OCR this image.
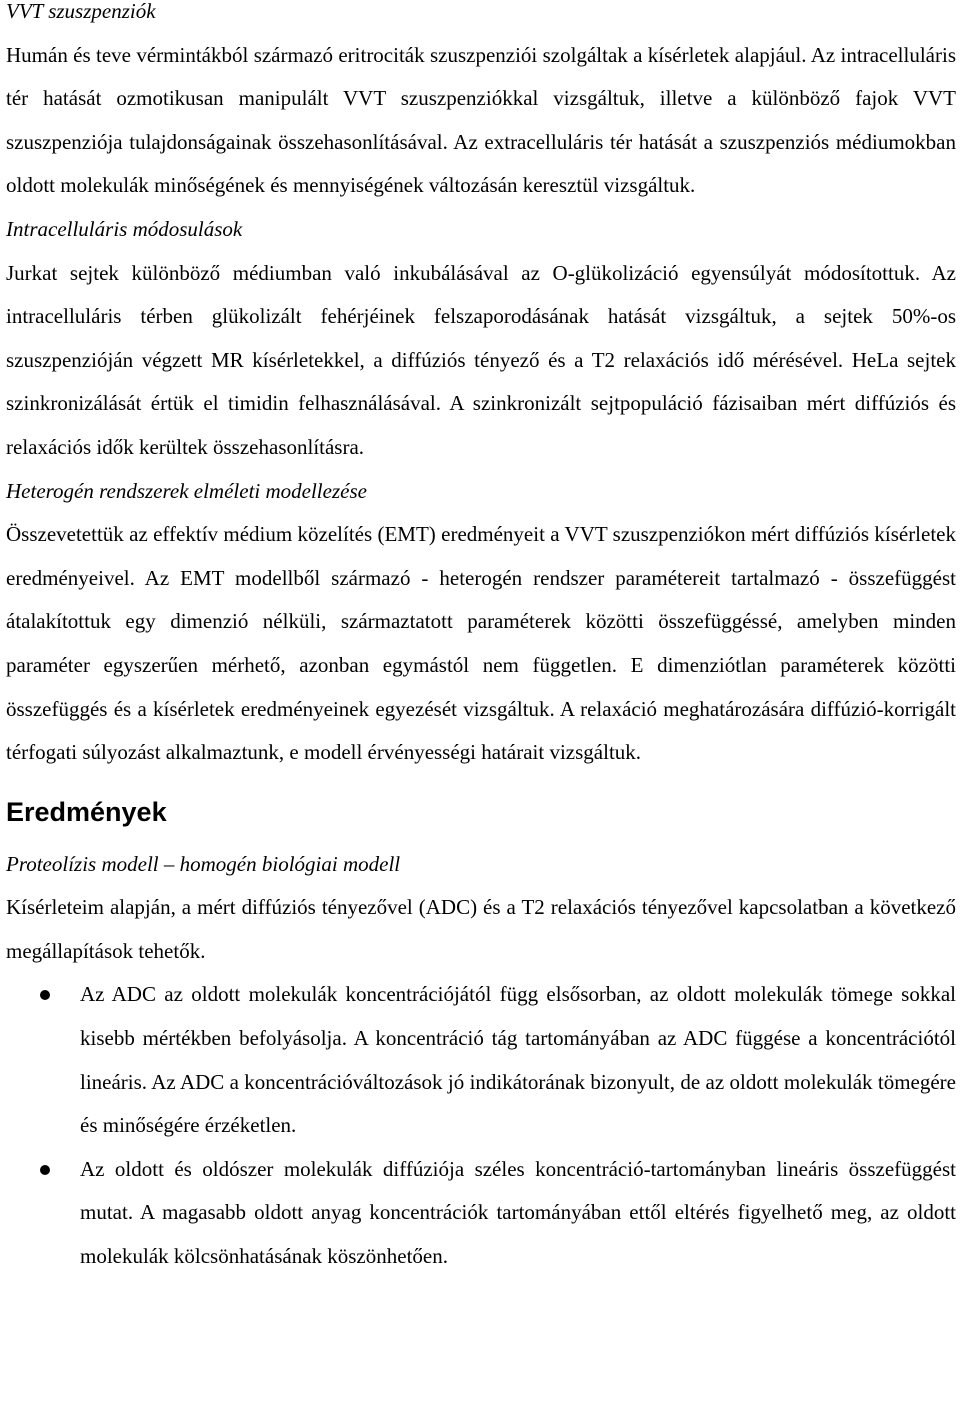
VVT szuszpenziók

Humán és teve vérmintákból származó eritrociták szuszpenziói szolgáltak a kísérletek alapjául. Az intracelluláris tér hatását ozmotikusan manipulált VVT szuszpenziókkal vizsgáltuk, illetve a különböző fajok VVT szuszpenziója tulajdonságainak összehasonlításával. Az extracelluláris tér hatását a szuszpenziós médiumokban oldott molekulák minőségének és mennyiségének változásán keresztül vizsgáltuk.

Intracelluláris módosulások

Jurkat sejtek különböző médiumban való inkubálásával az O-glükolizáció egyensúlyát módosítottuk. Az intracelluláris térben glükolizált fehérjéinek felszaporodásának hatását vizsgáltuk, a sejtek 50%-os szuszpenzióján végzett MR kísérletekkel, a diffúziós tényező és a T2 relaxációs idő mérésével. HeLa sejtek szinkronizálását értük el timidin felhasználásával. A szinkronizált sejtpopuláció fázisaiban mért diffúziós és relaxációs idők kerültek összehasonlításra.

Heterogén rendszerek elméleti modellezése

Összevetettük az effektív médium közelítés (EMT) eredményeit a VVT szuszpenziókon mért diffúziós kísérletek eredményeivel. Az EMT modellből származó - heterogén rendszer paramétereit tartalmazó - összefüggést átalakítottuk egy dimenzió nélküli, származtatott paraméterek közötti összefüggéssé, amelyben minden paraméter egyszerűen mérhető, azonban egymástól nem független. E dimenziótlan paraméterek közötti összefüggés és a kísérletek eredményeinek egyezését vizsgáltuk. A relaxáció meghatározására diffúzió-korrigált térfogati súlyozást alkalmaztunk, e modell érvényességi határait vizsgáltuk.

Eredmények

Proteolízis modell – homogén biológiai modell

Kísérleteim alapján, a mért diffúziós tényezővel (ADC) és a T2 relaxációs tényezővel kapcsolatban a következő megállapítások tehetők.

Az ADC az oldott molekulák koncentrációjától függ elsősorban, az oldott molekulák tömege sokkal kisebb mértékben befolyásolja. A koncentráció tág tartományában az ADC függése a koncentrációtól lineáris. Az ADC a koncentrációváltozások jó indikátorának bizonyult, de az oldott molekulák tömegére és minőségére érzéketlen.

Az oldott és oldószer molekulák diffúziója széles koncentráció-tartományban lineáris összefüggést mutat. A magasabb oldott anyag koncentrációk tartományában ettől eltérés figyelhető meg, az oldott molekulák kölcsönhatásának köszönhetően.
